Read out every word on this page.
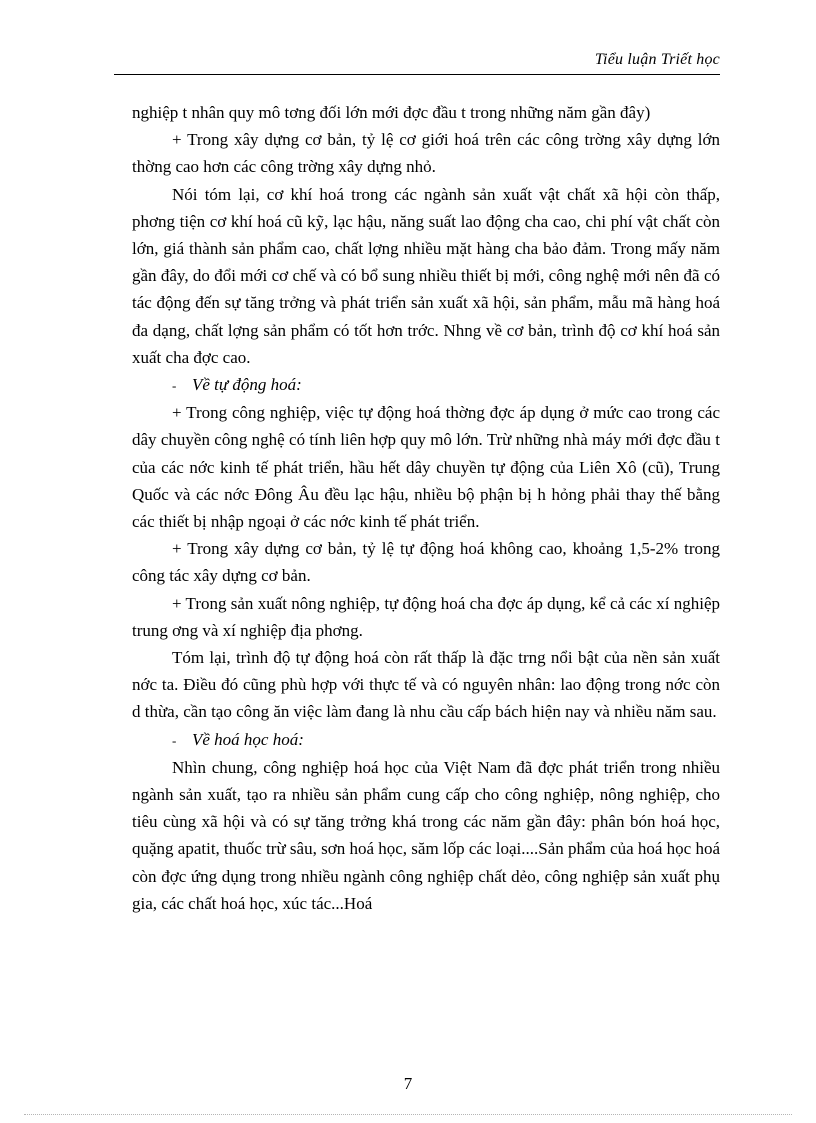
Tiểu luận Triết học

nghiệp t nhân quy mô tơng đối lớn mới đợc đầu t trong những năm gần đây)

+ Trong xây dựng cơ bản, tỷ lệ cơ giới hoá trên các công trờng xây dựng lớn thờng cao hơn các công trờng xây dựng nhỏ.

Nói tóm lại, cơ khí hoá trong các ngành sản xuất vật chất xã hội còn thấp, phơng tiện cơ khí hoá cũ kỹ, lạc hậu, năng suất lao động cha cao, chi phí vật chất còn lớn, giá thành sản phẩm cao, chất lợng nhiều mặt hàng cha bảo đảm. Trong mấy năm gần đây, do đổi mới cơ chế và có bổ sung nhiều thiết bị mới, công nghệ mới nên đã có tác động đến sự tăng trởng và phát triển sản xuất xã hội, sản phẩm, mẫu mã hàng hoá đa dạng, chất lợng sản phẩm có tốt hơn trớc. Nhng về cơ bản, trình độ cơ khí hoá sản xuất cha đợc cao.

- Về tự động hoá:

+ Trong công nghiệp, việc tự động hoá thờng đợc áp dụng ở mức cao trong các dây chuyền công nghệ có tính liên hợp quy mô lớn. Trừ những nhà máy mới đợc đầu t của các nớc kinh tế phát triển, hầu hết dây chuyền tự động của Liên Xô (cũ), Trung Quốc và các nớc Đông Âu đều lạc hậu, nhiều bộ phận bị h hỏng phải thay thế bằng các thiết bị nhập ngoại ở các nớc kinh tế phát triển.

+ Trong xây dựng cơ bản, tỷ lệ tự động hoá không cao, khoảng 1,5-2% trong công tác xây dựng cơ bản.

+ Trong sản xuất nông nghiệp, tự động hoá cha đợc áp dụng, kể cả các xí nghiệp trung ơng và xí nghiệp địa phơng.

Tóm lại, trình độ tự động hoá còn rất thấp là đặc trng nổi bật của nền sản xuất nớc ta. Điều đó cũng phù hợp với thực tế và có nguyên nhân: lao động trong nớc còn d thừa, cần tạo công ăn việc làm đang là nhu cầu cấp bách hiện nay và nhiều năm sau.

- Về hoá học hoá:

Nhìn chung, công nghiệp hoá học của Việt Nam đã đợc phát triển trong nhiều ngành sản xuất, tạo ra nhiều sản phẩm cung cấp cho công nghiệp, nông nghiệp, cho tiêu cùng xã hội và có sự tăng trởng khá trong các năm gần đây: phân bón hoá học, quặng apatit, thuốc trừ sâu, sơn hoá học, săm lốp các loại....Sản phẩm của hoá học hoá còn đợc ứng dụng trong nhiều ngành công nghiệp chất dẻo, công nghiệp sản xuất phụ gia, các chất hoá học, xúc tác...Hoá

7
